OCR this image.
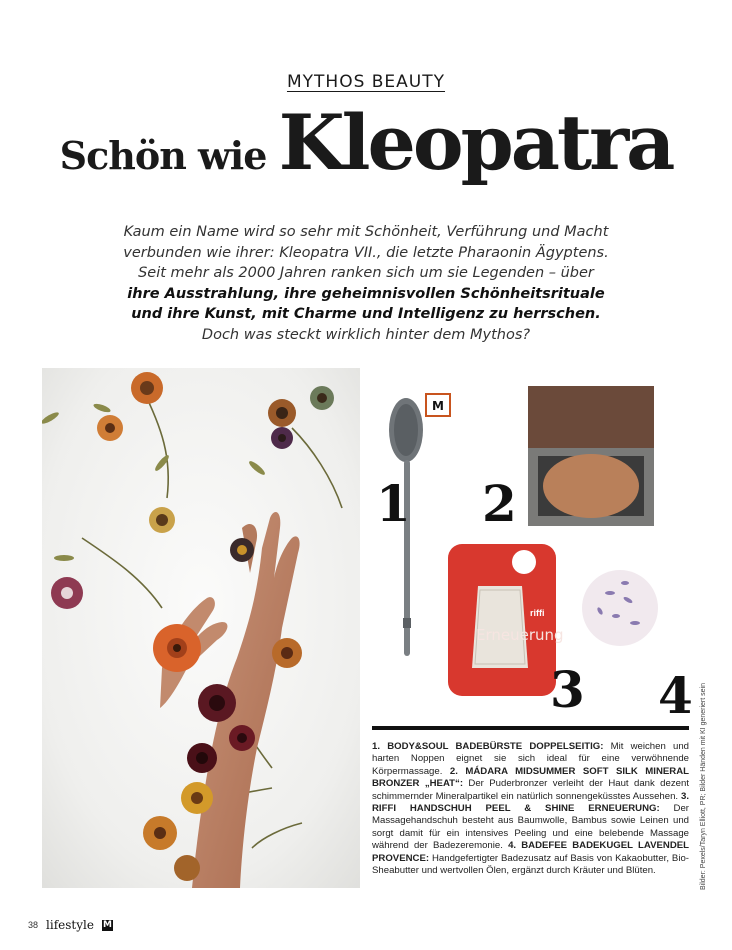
MYTHOS BEAUTY
Schön wie Kleopatra
Kaum ein Name wird so sehr mit Schönheit, Verführung und Macht
verbunden wie ihrer: Kleopatra VII., die letzte Pharaonin Ägyptens.
Seit mehr als 2000 Jahren ranken sich um sie Legenden – über
ihre Ausstrahlung, ihre geheimnisvollen Schönheitsrituale
und ihre Kunst, mit Charme und Intelligenz zu herrschen.
Doch was steckt wirklich hinter dem Mythos?
M
riffi
Erneuerung
1 2
3 4
1. BODY&SOUL BADEBÜRSTE DOPPELSEITIG: Mit weichen und harten Noppen eignet sie sich ideal für eine verwöhnende Körpermassage. 2. MÁDARA MIDSUMMER SOFT SILK MINERAL BRONZER „HEAT“: Der Puderbronzer verleiht der Haut dank dezent schimmernder Mineralpartikel ein natürlich sonnengeküsstes Aussehen. 3. RIFFI HANDSCHUH PEEL & SHINE ERNEUERUNG: Der Massagehandschuh besteht aus Baumwolle, Bambus sowie Leinen und sorgt damit für ein intensives Peeling und eine belebende Massage während der Badezeremonie. 4. BADEFEE BADEKUGEL LAVENDEL PROVENCE: Handgefertigter Badezusatz auf Basis von Kakaobutter, Bio-Sheabutter und wertvollen Ölen, ergänzt durch Kräuter und Blüten.	Bilder: Pexels/Taryn Elliott, PR; Bilder Händen mit KI generiert sein
38 lifestyle M
